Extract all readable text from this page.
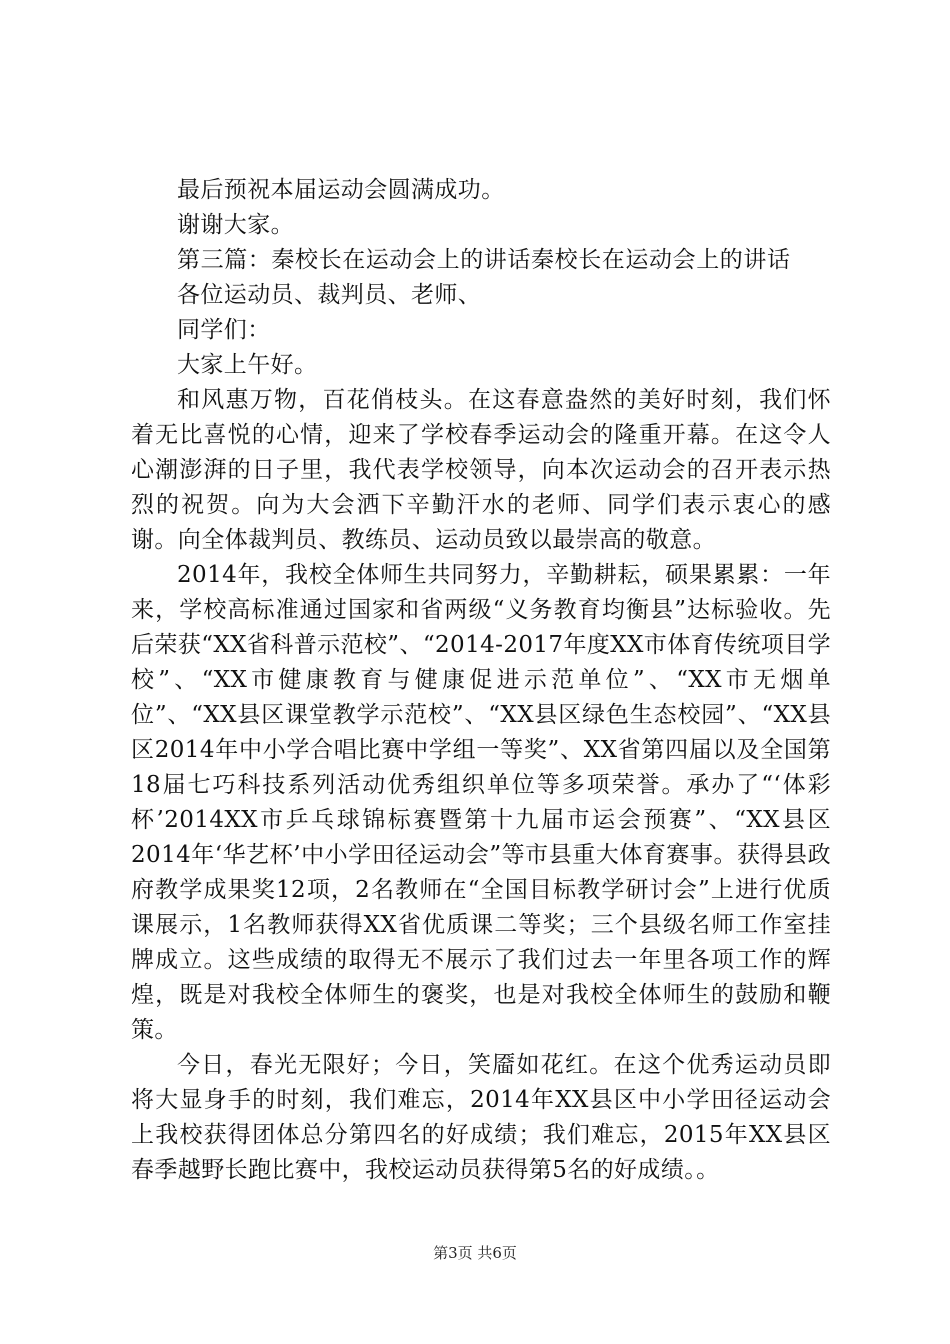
最后预祝本届运动会圆满成功。

谢谢大家。

第三篇：秦校长在运动会上的讲话秦校长在运动会上的讲话

各位运动员、裁判员、老师、

同学们：

大家上午好。

和风惠万物，百花俏枝头。在这春意盎然的美好时刻，我们怀着无比喜悦的心情，迎来了学校春季运动会的隆重开幕。在这令人心潮澎湃的日子里，我代表学校领导，向本次运动会的召开表示热烈的祝贺。向为大会洒下辛勤汗水的老师、同学们表示衷心的感谢。向全体裁判员、教练员、运动员致以最崇高的敬意。

2014年，我校全体师生共同努力，辛勤耕耘，硕果累累：一年来，学校高标准通过国家和省两级“义务教育均衡县”达标验收。先后荣获“XX省科普示范校”、“2014-2017年度XX市体育传统项目学校”、“XX市健康教育与健康促进示范单位”、“XX市无烟单位”、“XX县区课堂教学示范校”、“XX县区绿色生态校园”、“XX县区2014年中小学合唱比赛中学组一等奖”、XX省第四届以及全国第18届七巧科技系列活动优秀组织单位等多项荣誉。承办了“‘体彩杯’2014XX市乒乓球锦标赛暨第十九届市运会预赛”、“XX县区2014年‘华艺杯’中小学田径运动会”等市县重大体育赛事。获得县政府教学成果奖12项，2名教师在“全国目标教学研讨会”上进行优质课展示，1名教师获得XX省优质课二等奖；三个县级名师工作室挂牌成立。这些成绩的取得无不展示了我们过去一年里各项工作的辉煌，既是对我校全体师生的褒奖，也是对我校全体师生的鼓励和鞭策。

今日，春光无限好；今日，笑靥如花红。在这个优秀运动员即将大显身手的时刻，我们难忘，2014年XX县区中小学田径运动会上我校获得团体总分第四名的好成绩；我们难忘，2015年XX县区春季越野长跑比赛中，我校运动员获得第5名的好成绩。。

第3页 共6页
